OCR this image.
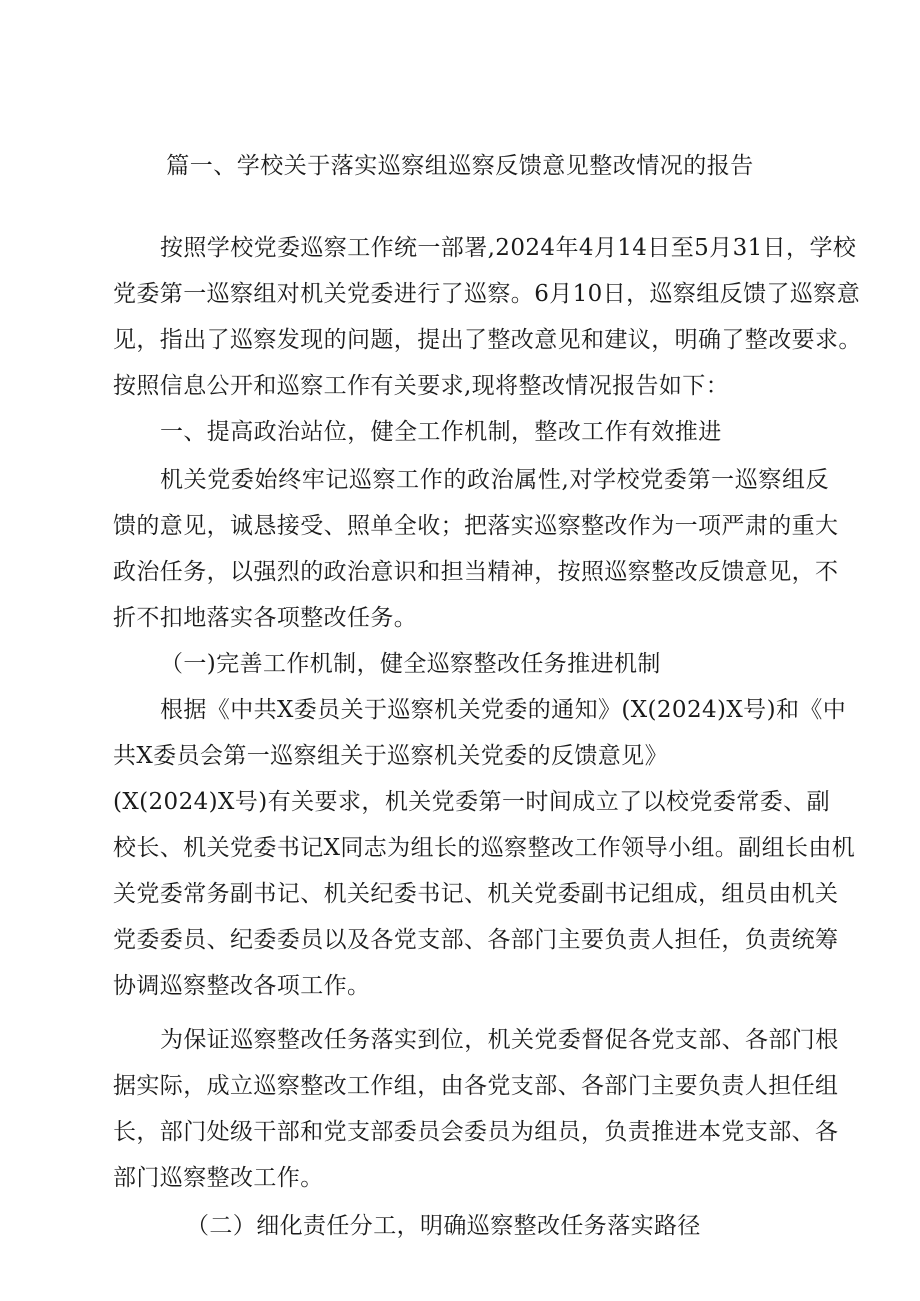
篇一、学校关于落实巡察组巡察反馈意见整改情况的报告
按照学校党委巡察工作统一部署,2024年4月14日至5月31日，学校
党委第一巡察组对机关党委进行了巡察。6月10日，巡察组反馈了巡察意
见，指出了巡察发现的问题，提出了整改意见和建议，明确了整改要求。
按照信息公开和巡察工作有关要求,现将整改情况报告如下：
一、提高政治站位，健全工作机制，整改工作有效推进
机关党委始终牢记巡察工作的政治属性,对学校党委第一巡察组反
馈的意见，诚恳接受、照单全收；把落实巡察整改作为一项严肃的重大
政治任务，以强烈的政治意识和担当精神，按照巡察整改反馈意见，不
折不扣地落实各项整改任务。
（一)完善工作机制，健全巡察整改任务推进机制
根据《中共X委员关于巡察机关党委的通知》(X(2024)X号)和《中
共X委员会第一巡察组关于巡察机关党委的反馈意见》
(X(2024)X号)有关要求，机关党委第一时间成立了以校党委常委、副
校长、机关党委书记X同志为组长的巡察整改工作领导小组。副组长由机
关党委常务副书记、机关纪委书记、机关党委副书记组成，组员由机关
党委委员、纪委委员以及各党支部、各部门主要负责人担任，负责统筹
协调巡察整改各项工作。
为保证巡察整改任务落实到位，机关党委督促各党支部、各部门根
据实际，成立巡察整改工作组，由各党支部、各部门主要负责人担任组
长，部门处级干部和党支部委员会委员为组员，负责推进本党支部、各
部门巡察整改工作。
（二）细化责任分工，明确巡察整改任务落实路径
